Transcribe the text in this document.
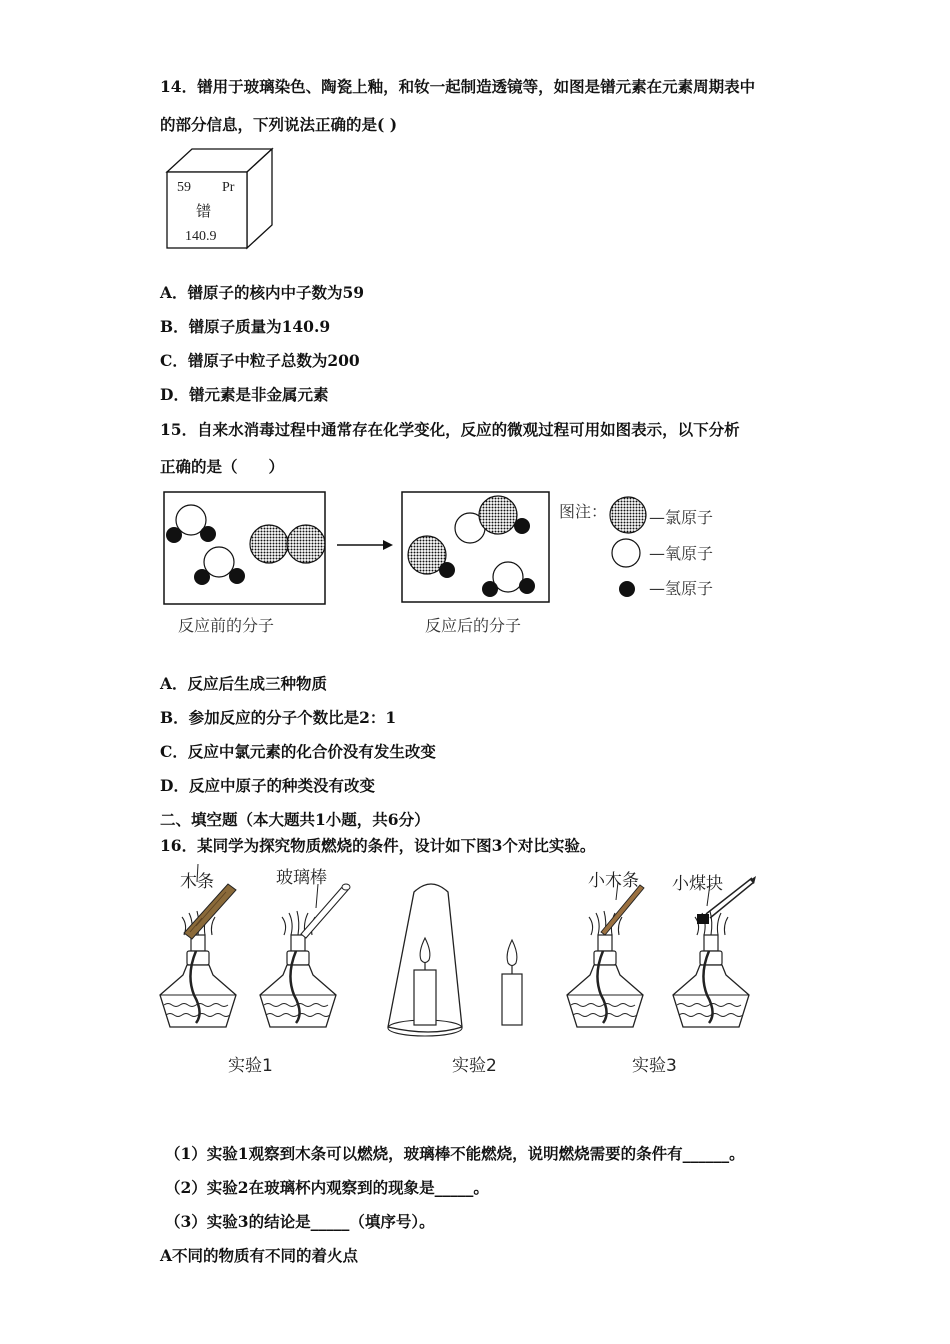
14．镨用于玻璃染色、陶瓷上釉，和钕一起制造透镜等，如图是镨元素在元素周期表中
的部分信息，下列说法正确的是( )
59 Pr
镨
140.9
A．镨原子的核内中子数为59
B．镨原子质量为140.9
C．镨原子中粒子总数为200
D．镨元素是非金属元素
15．自来水消毒过程中通常存在化学变化，反应的微观过程可用如图表示，以下分析
正确的是（　　）
图注：	—氯原子
—氧原子
—氢原子
反应前的分子	反应后的分子
A．反应后生成三种物质
B．参加反应的分子个数比是2：1
C．反应中氯元素的化合价没有发生改变
D．反应中原子的种类没有改变
二、填空题（本大题共1小题，共6分）
16．某同学为探究物质燃烧的条件，设计如下图3个对比实验。
木条	玻璃棒	小木条 小煤块
实验1	实验2	实验3
（1）实验1观察到木条可以燃烧，玻璃棒不能燃烧，说明燃烧需要的条件有______。
（2）实验2在玻璃杯内观察到的现象是_____。
（3）实验3的结论是_____（填序号）。
A不同的物质有不同的着火点
